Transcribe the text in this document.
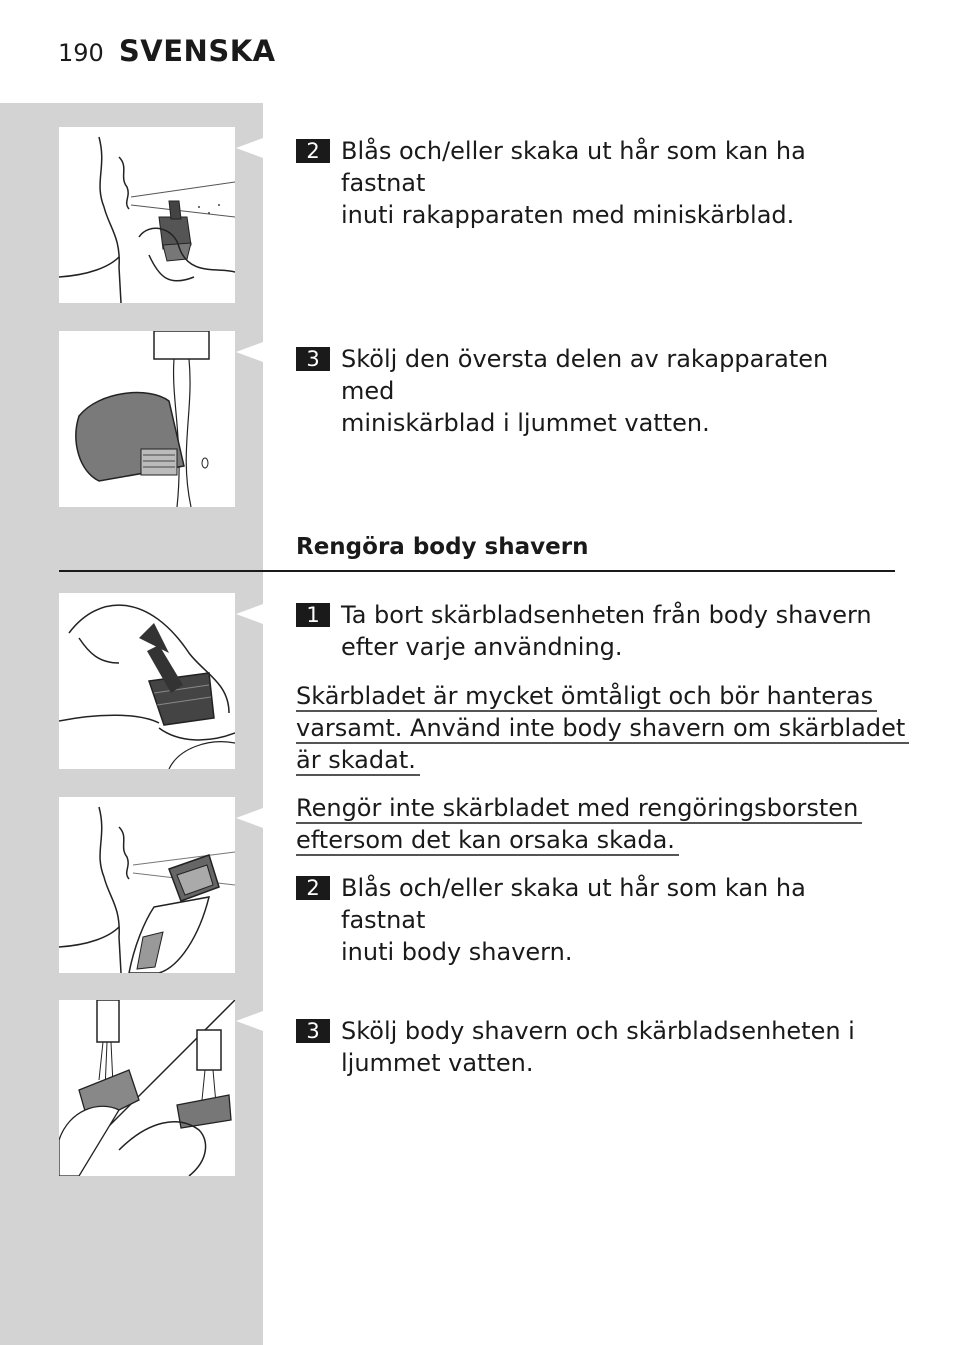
190 SVENSKA
2 Blås och/eller skaka ut hår som kan ha fastnat
inuti rakapparaten med miniskärblad.
3 Skölj den översta delen av rakapparaten med
miniskärblad i ljummet vatten.
Rengöra body shavern
1 Ta bort skärbladsenheten från body shavern
efter varje användning.
Skärbladet är mycket ömtåligt och bör hanteras
varsamt. Använd inte body shavern om skärbladet
är skadat.
Rengör inte skärbladet med rengöringsborsten
eftersom det kan orsaka skada.
2 Blås och/eller skaka ut hår som kan ha fastnat
inuti body shavern.
3 Skölj body shavern och skärbladsenheten i
ljummet vatten.
